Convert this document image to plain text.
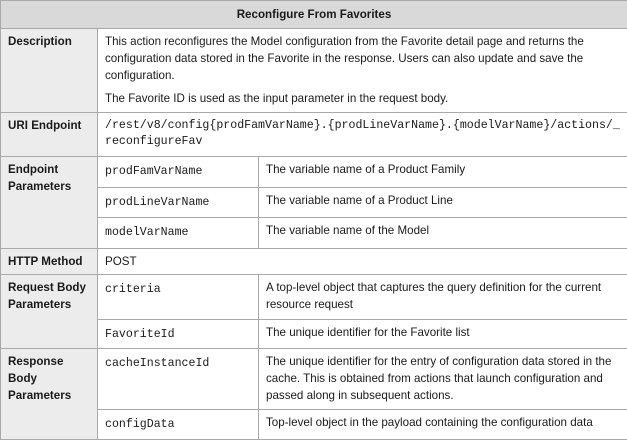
Reconfigure From Favorites		
Description	This action reconfigures the Model configuration from the Favorite detail page and returns the configuration data stored in the Favorite in the response. Users can also update and save the configuration.

The Favorite ID is used as the input parameter in the request body.	

URI Endpoint	/rest/v8/config{prodFamVarName}.{prodLineVarName}.{modelVarName}/actions/_reconfigureFav	
Endpoint Parameters	prodFamVarName	The variable name of a Product Family
	prodLineVarName	The variable name of a Product Line
	modelVarName	The variable name of the Model
HTTP Method	POST	
Request Body Parameters	criteria	A top-level object that captures the query definition for the current resource request
	FavoriteId	The unique identifier for the Favorite list
Response Body Parameters	cacheInstanceId	The unique identifier for the entry of configuration data stored in the cache. This is obtained from actions that launch configuration and passed along in subsequent actions.
	configData	Top-level object in the payload containing the configuration data
